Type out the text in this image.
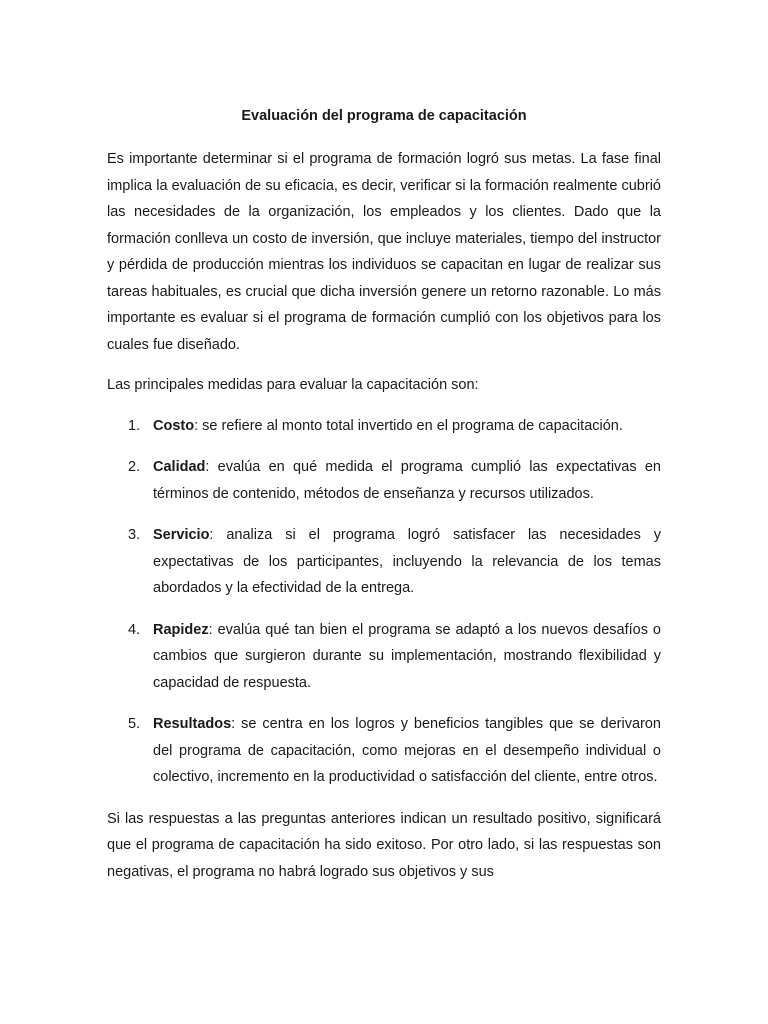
Evaluación del programa de capacitación

Es importante determinar si el programa de formación logró sus metas. La fase final implica la evaluación de su eficacia, es decir, verificar si la formación realmente cubrió las necesidades de la organización, los empleados y los clientes. Dado que la formación conlleva un costo de inversión, que incluye materiales, tiempo del instructor y pérdida de producción mientras los individuos se capacitan en lugar de realizar sus tareas habituales, es crucial que dicha inversión genere un retorno razonable. Lo más importante es evaluar si el programa de formación cumplió con los objetivos para los cuales fue diseñado.

Las principales medidas para evaluar la capacitación son:

1. Costo: se refiere al monto total invertido en el programa de capacitación.
2. Calidad: evalúa en qué medida el programa cumplió las expectativas en términos de contenido, métodos de enseñanza y recursos utilizados.
3. Servicio: analiza si el programa logró satisfacer las necesidades y expectativas de los participantes, incluyendo la relevancia de los temas abordados y la efectividad de la entrega.
4. Rapidez: evalúa qué tan bien el programa se adaptó a los nuevos desafíos o cambios que surgieron durante su implementación, mostrando flexibilidad y capacidad de respuesta.
5. Resultados: se centra en los logros y beneficios tangibles que se derivaron del programa de capacitación, como mejoras en el desempeño individual o colectivo, incremento en la productividad o satisfacción del cliente, entre otros.

Si las respuestas a las preguntas anteriores indican un resultado positivo, significará que el programa de capacitación ha sido exitoso. Por otro lado, si las respuestas son negativas, el programa no habrá logrado sus objetivos y sus
